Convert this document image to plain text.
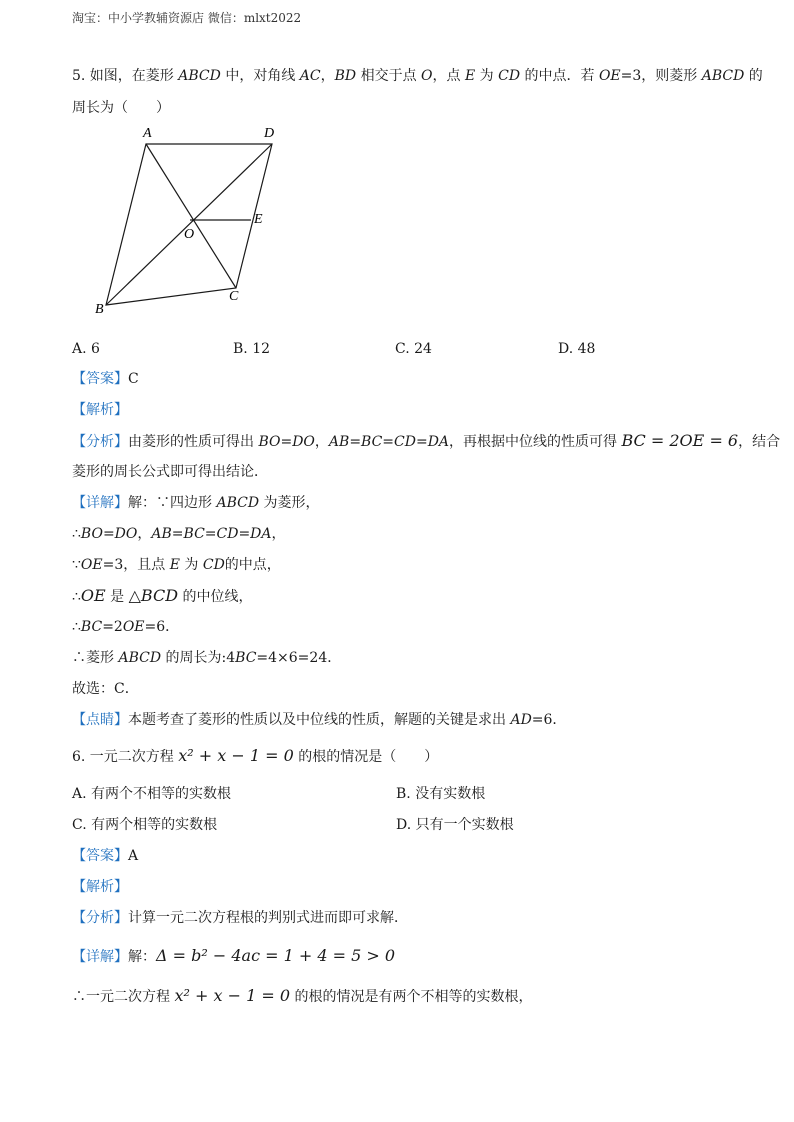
淘宝：中小学教辅资源店 微信：mlxt2022
5. 如图，在菱形 ABCD 中，对角线 AC，BD 相交于点 O，点 E 为 CD 的中点．若 OE=3，则菱形 ABCD 的
周长为（　　）
A	D
E
O
B
C
A. 6	B. 12	C. 24	D. 48
【答案】C
【解析】
【分析】由菱形的性质可得出 BO=DO，AB=BC=CD=DA，再根据中位线的性质可得 BC = 2OE = 6，结合
菱形的周长公式即可得出结论．
【详解】解：∵四边形 ABCD 为菱形，
∴BO=DO，AB=BC=CD=DA，
∵OE=3，且点 E 为 CD的中点，
∴OE 是 △BCD 的中位线，
∴BC=2OE=6．
∴菱形 ABCD 的周长为:4BC=4×6=24．
故选：C．
【点睛】本题考查了菱形的性质以及中位线的性质，解题的关键是求出 AD=6．
6. 一元二次方程 x² + x − 1 = 0 的根的情况是（　　）
A. 有两个不相等的实数根	B. 没有实数根
C. 有两个相等的实数根	D. 只有一个实数根
【答案】A
【解析】
【分析】计算一元二次方程根的判别式进而即可求解．
【详解】解：Δ = b² − 4ac = 1 + 4 = 5 > 0
∴一元二次方程 x² + x − 1 = 0 的根的情况是有两个不相等的实数根，
